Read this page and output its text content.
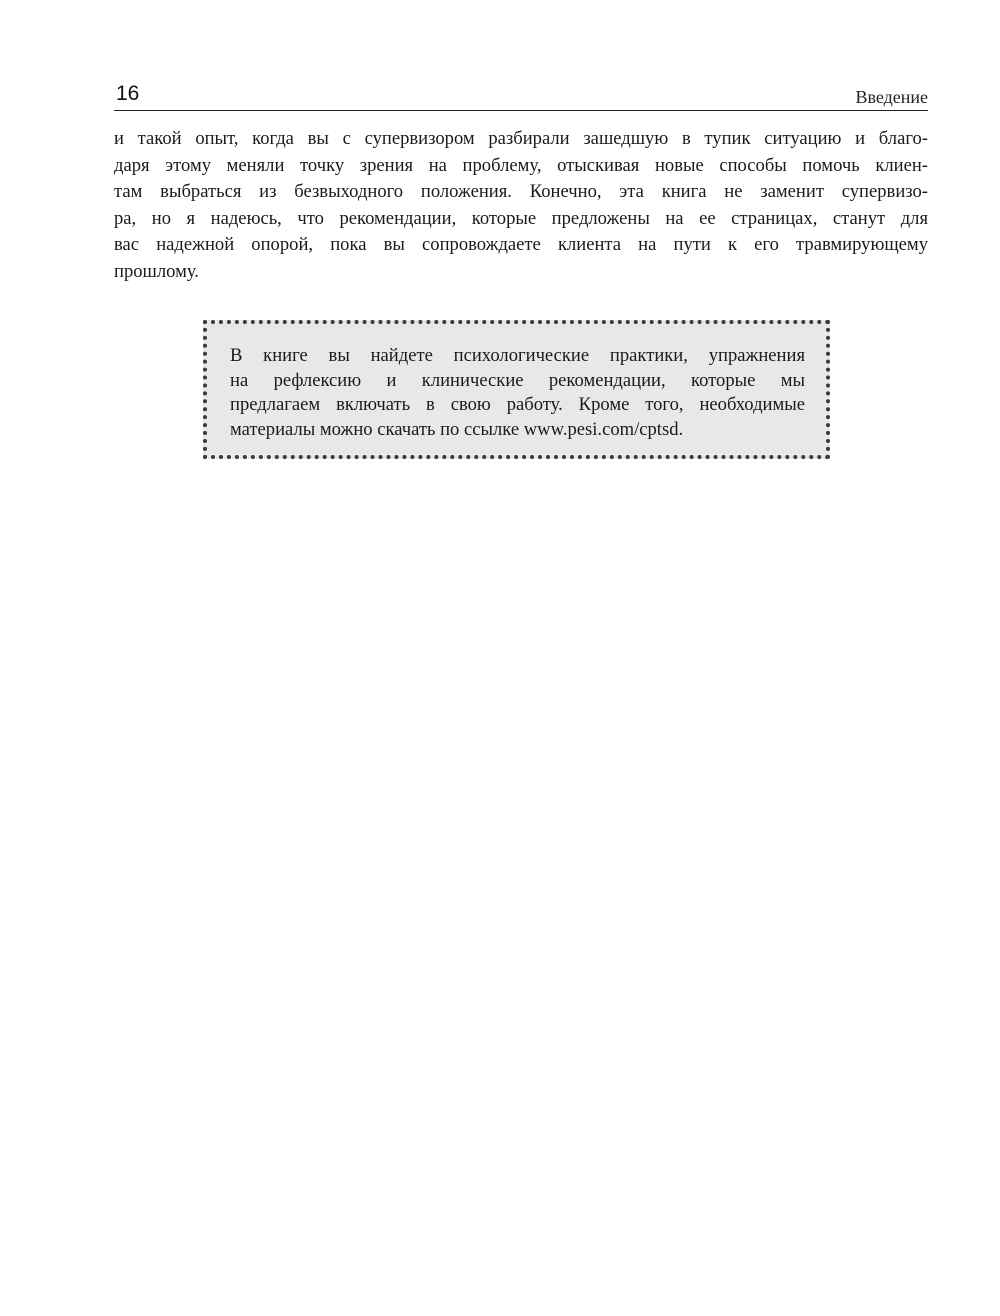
16	Введение

и такой опыт, когда вы с супервизором разбирали зашедшую в тупик ситуацию и благо-
даря этому меняли точку зрения на проблему, отыскивая новые способы помочь клиен-
там выбраться из безвыходного положения. Конечно, эта книга не заменит супервизо-
ра, но я надеюсь, что рекомендации, которые предложены на ее страницах, станут для
вас надежной опорой, пока вы сопровождаете клиента на пути к его травмирующему
прошлому.

В книге вы найдете психологические практики, упражнения
на рефлексию и клинические рекомендации, которые мы
предлагаем включать в свою работу. Кроме того, необходимые
материалы можно скачать по ссылке www.pesi.com/cptsd.
